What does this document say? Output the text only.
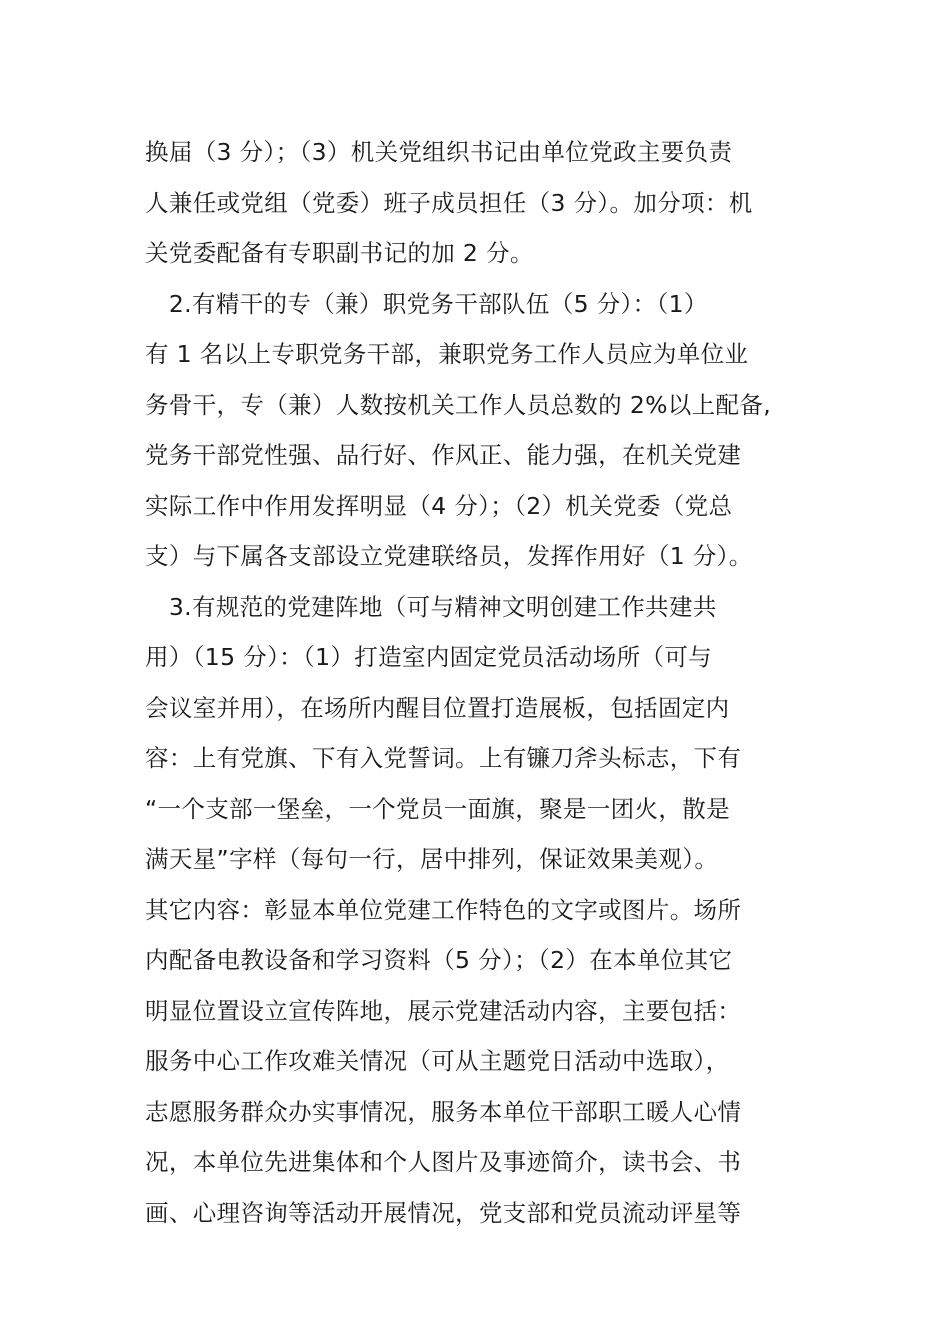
换届（3 分）；（3）机关党组织书记由单位党政主要负责
人兼任或党组（党委）班子成员担任（3 分）。加分项：机
关党委配备有专职副书记的加 2 分。
　2.有精干的专（兼）职党务干部队伍（5 分）：（1）
有 1 名以上专职党务干部，兼职党务工作人员应为单位业
务骨干，专（兼）人数按机关工作人员总数的 2%以上配备,
党务干部党性强、品行好、作风正、能力强，在机关党建
实际工作中作用发挥明显（4 分）；（2）机关党委（党总
支）与下属各支部设立党建联络员，发挥作用好（1 分）。
　3.有规范的党建阵地（可与精神文明创建工作共建共
用）（15 分）：（1）打造室内固定党员活动场所（可与
会议室并用），在场所内醒目位置打造展板，包括固定内
容：上有党旗、下有入党誓词。上有镰刀斧头标志，下有
“一个支部一堡垒，一个党员一面旗，聚是一团火，散是
满天星”字样（每句一行，居中排列，保证效果美观）。
其它内容：彰显本单位党建工作特色的文字或图片。场所
内配备电教设备和学习资料（5 分）；（2）在本单位其它
明显位置设立宣传阵地，展示党建活动内容，主要包括：
服务中心工作攻难关情况（可从主题党日活动中选取），
志愿服务群众办实事情况，服务本单位干部职工暖人心情
况，本单位先进集体和个人图片及事迹简介，读书会、书
画、心理咨询等活动开展情况，党支部和党员流动评星等
